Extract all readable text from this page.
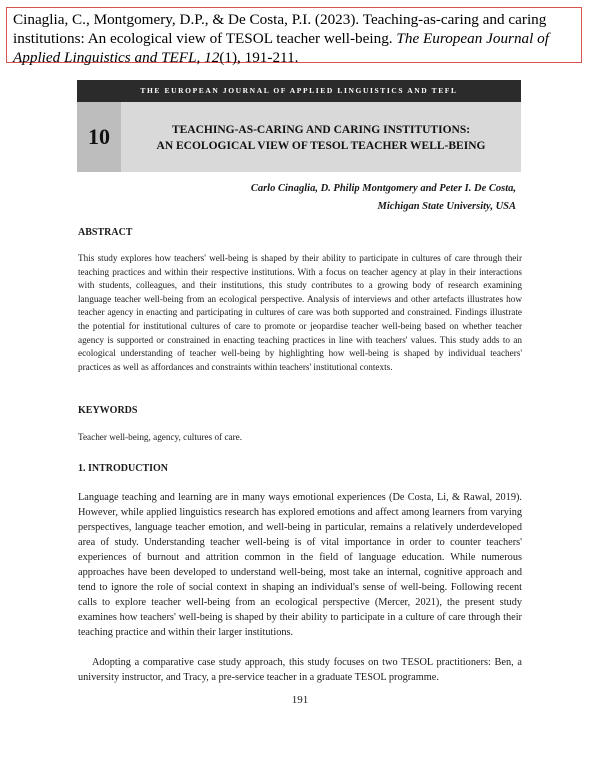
Cinaglia, C., Montgomery, D.P., & De Costa, P.I. (2023). Teaching-as-caring and caring institutions: An ecological view of TESOL teacher well-being. The European Journal of Applied Linguistics and TEFL, 12(1), 191-211.
THE EUROPEAN JOURNAL OF APPLIED LINGUISTICS AND TEFL
10	TEACHING-AS-CARING AND CARING INSTITUTIONS:
AN ECOLOGICAL VIEW OF TESOL TEACHER WELL-BEING
Carlo Cinaglia, D. Philip Montgomery and Peter I. De Costa,
Michigan State University, USA
ABSTRACT
This study explores how teachers' well-being is shaped by their ability to participate in cultures of care through their teaching practices and within their respective institutions. With a focus on teacher agency at play in their interactions with students, colleagues, and their institutions, this study contributes to a growing body of research examining language teacher well-being from an ecological perspective. Analysis of interviews and other artefacts illustrates how teacher agency in enacting and participating in cultures of care was both supported and constrained. Findings illustrate the potential for institutional cultures of care to promote or jeopardise teacher well-being based on whether teacher agency is supported or constrained in enacting teaching practices in line with teachers' values. This study adds to an ecological understanding of teacher well-being by highlighting how well-being is shaped by individual teachers' practices as well as affordances and constraints within teachers' institutional contexts.
KEYWORDS
Teacher well-being, agency, cultures of care.
1. INTRODUCTION
Language teaching and learning are in many ways emotional experiences (De Costa, Li, & Rawal, 2019). However, while applied linguistics research has explored emotions and affect among learners from varying perspectives, language teacher emotion, and well-being in particular, remains a relatively underdeveloped area of study. Understanding teacher well-being is of vital importance in order to counter teachers' experiences of burnout and attrition common in the field of language education. While numerous approaches have been developed to understand well-being, most take an internal, cognitive approach and tend to ignore the role of social context in shaping an individual's sense of well-being. Following recent calls to explore teacher well-being from an ecological perspective (Mercer, 2021), the present study examines how teachers' well-being is shaped by their ability to participate in a culture of care through their teaching practice and within their larger institutions.
Adopting a comparative case study approach, this study focuses on two TESOL practitioners: Ben, a university instructor, and Tracy, a pre-service teacher in a graduate TESOL programme.
191
